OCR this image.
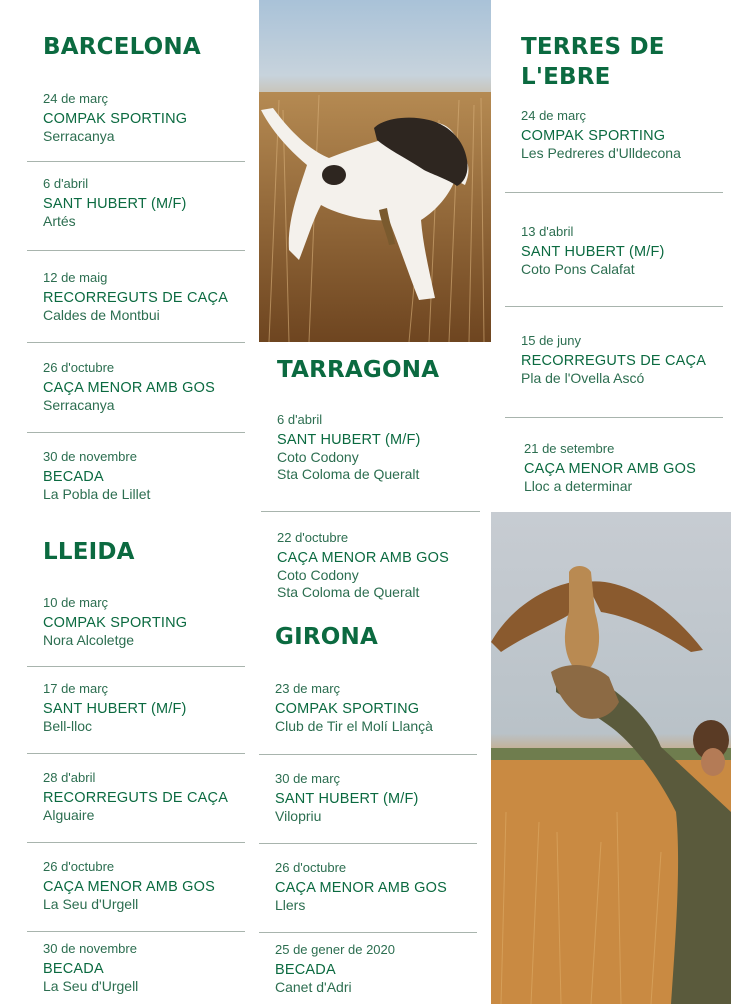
BARCELONA
24 de març
COMPAK SPORTING
Serracanya
6 d'abril
SANT HUBERT (M/F)
Artés
12 de maig
RECORREGUTS DE CAÇA
Caldes de Montbui
26 d'octubre
CAÇA MENOR AMB GOS
Serracanya
30 de novembre
BECADA
La Pobla de Lillet
LLEIDA
10 de març
COMPAK SPORTING
Nora Alcoletge
17 de març
SANT HUBERT (M/F)
Bell-lloc
28 d'abril
RECORREGUTS DE CAÇA
Alguaire
26 d'octubre
CAÇA MENOR AMB GOS
La Seu d'Urgell
30 de novembre
BECADA
La Seu d'Urgell
TARRAGONA
6 d'abril
SANT HUBERT (M/F)
Coto Codony
Sta Coloma de Queralt
22 d'octubre
CAÇA MENOR AMB GOS
Coto Codony
Sta Coloma de Queralt
GIRONA
23 de març
COMPAK SPORTING
Club de Tir el Molí Llançà
30 de març
SANT HUBERT (M/F)
Vilopriu
26 d'octubre
CAÇA MENOR AMB GOS
Llers
25 de gener de 2020
BECADA
Canet d'Adri
TERRES DE
L'EBRE
24 de març
COMPAK SPORTING
Les Pedreres d'Ulldecona
13 d'abril
SANT HUBERT (M/F)
Coto Pons Calafat
15 de juny
RECORREGUTS DE CAÇA
Pla de l'Ovella Ascó
21 de setembre
CAÇA MENOR AMB GOS
Lloc a determinar
